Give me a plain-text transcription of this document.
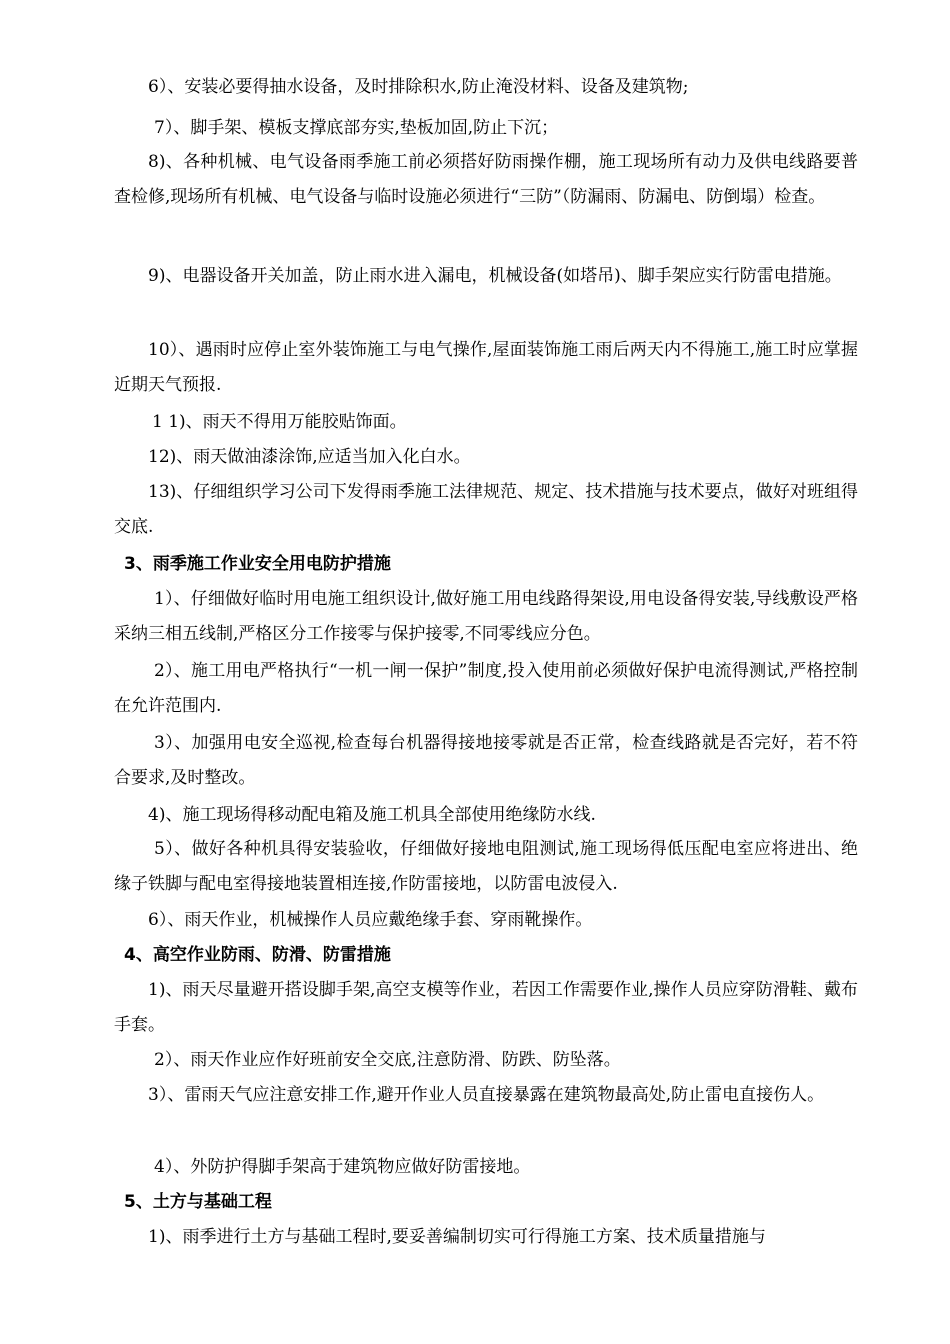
6）、安装必要得抽水设备，及时排除积水,防止淹没材料、设备及建筑物;

7）、脚手架、模板支撑底部夯实,垫板加固,防止下沉；

8)、各种机械、电气设备雨季施工前必须搭好防雨操作棚，施工现场所有动力及供电线路要普查检修,现场所有机械、电气设备与临时设施必须进行“三防”（防漏雨、防漏电、防倒塌）检查。

9)、电器设备开关加盖，防止雨水进入漏电，机械设备(如塔吊)、脚手架应实行防雷电措施。

10）、遇雨时应停止室外装饰施工与电气操作,屋面装饰施工雨后两天内不得施工,施工时应掌握近期天气预报.

1 1)、雨天不得用万能胶贴饰面。

12)、雨天做油漆涂饰,应适当加入化白水。

13)、仔细组织学习公司下发得雨季施工法律规范、规定、技术措施与技术要点，做好对班组得交底.

3、雨季施工作业安全用电防护措施

1）、仔细做好临时用电施工组织设计,做好施工用电线路得架设,用电设备得安装,导线敷设严格采纳三相五线制,严格区分工作接零与保护接零,不同零线应分色。

2）、施工用电严格执行“一机一闸一保护”制度,投入使用前必须做好保护电流得测试,严格控制在允许范围内.

3）、加强用电安全巡视,检查每台机器得接地接零就是否正常，检查线路就是否完好，若不符合要求,及时整改。

4)、施工现场得移动配电箱及施工机具全部使用绝缘防水线.

5）、做好各种机具得安装验收，仔细做好接地电阻测试,施工现场得低压配电室应将进出、绝缘子铁脚与配电室得接地装置相连接,作防雷接地，以防雷电波侵入.

6）、雨天作业，机械操作人员应戴绝缘手套、穿雨靴操作。

4、高空作业防雨、防滑、防雷措施

1)、雨天尽量避开搭设脚手架,高空支模等作业，若因工作需要作业,操作人员应穿防滑鞋、戴布手套。

2）、雨天作业应作好班前安全交底,注意防滑、防跌、防坠落。

3）、雷雨天气应注意安排工作,避开作业人员直接暴露在建筑物最高处,防止雷电直接伤人。

4）、外防护得脚手架高于建筑物应做好防雷接地。

5、土方与基础工程

1)、雨季进行土方与基础工程时,要妥善编制切实可行得施工方案、技术质量措施与
